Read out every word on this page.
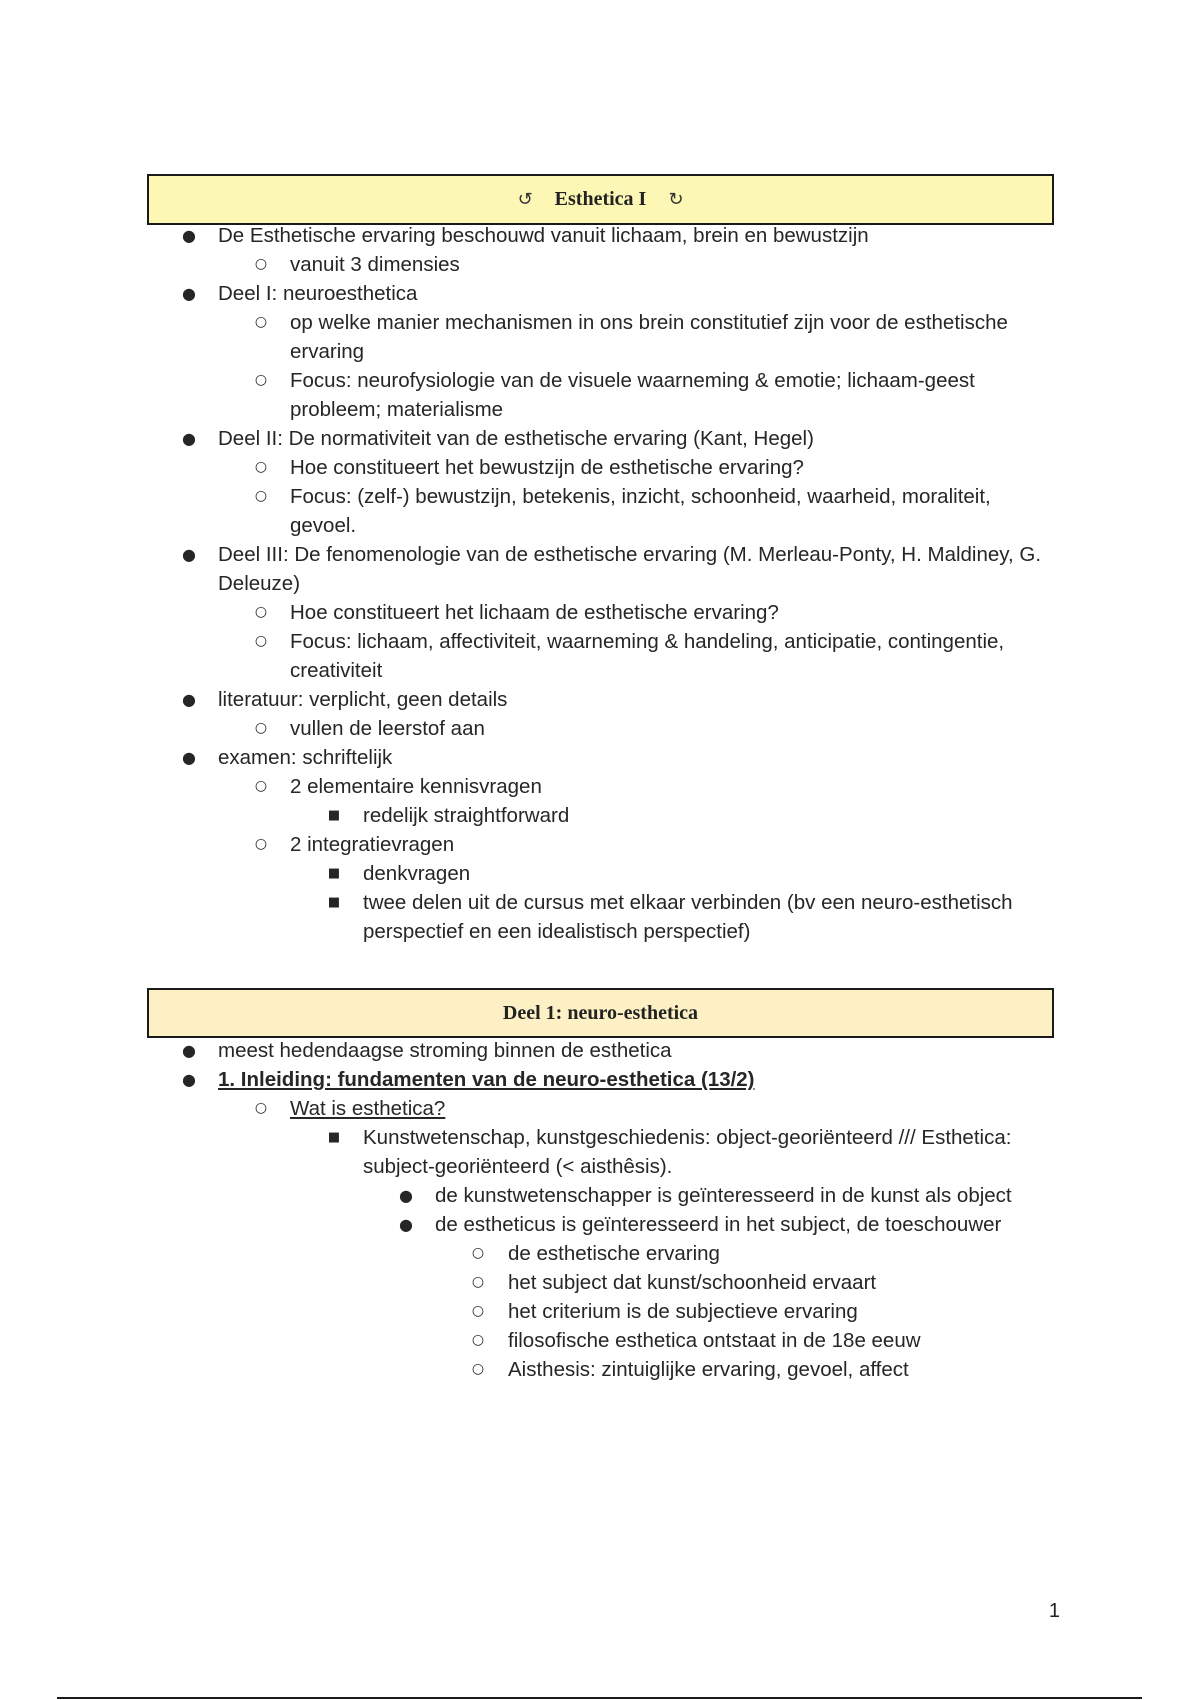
↺ Esthetica I ↻
● De Esthetische ervaring beschouwd vanuit lichaam, brein en bewustzijn
○ vanuit 3 dimensies
● Deel I: neuroesthetica
○ op welke manier mechanismen in ons brein constitutief zijn voor de esthetische ervaring
○ Focus: neurofysiologie van de visuele waarneming & emotie; lichaam-geest probleem; materialisme
● Deel II: De normativiteit van de esthetische ervaring (Kant, Hegel)
○ Hoe constitueert het bewustzijn de esthetische ervaring?
○ Focus: (zelf-) bewustzijn, betekenis, inzicht, schoonheid, waarheid, moraliteit, gevoel.
● Deel III: De fenomenologie van de esthetische ervaring (M. Merleau-Ponty, H. Maldiney, G. Deleuze)
○ Hoe constitueert het lichaam de esthetische ervaring?
○ Focus: lichaam, affectiviteit, waarneming & handeling, anticipatie, contingentie, creativiteit
● literatuur: verplicht, geen details
○ vullen de leerstof aan
● examen: schriftelijk
○ 2 elementaire kennisvragen
■ redelijk straightforward
○ 2 integratievragen
■ denkvragen
■ twee delen uit de cursus met elkaar verbinden (bv een neuro-esthetisch perspectief en een idealistisch perspectief)
Deel 1: neuro-esthetica
● meest hedendaagse stroming binnen de esthetica
● 1. Inleiding: fundamenten van de neuro-esthetica (13/2)
○ Wat is esthetica?
■ Kunstwetenschap, kunstgeschiedenis: object-georiënteerd /// Esthetica: subject-georiënteerd (< aisthêsis).
● de kunstwetenschapper is geïnteresseerd in de kunst als object
● de estheticus is geïnteresseerd in het subject, de toeschouwer
○ de esthetische ervaring
○ het subject dat kunst/schoonheid ervaart
○ het criterium is de subjectieve ervaring
○ filosofische esthetica ontstaat in de 18e eeuw
○ Aisthesis: zintuiglijke ervaring, gevoel, affect
1
